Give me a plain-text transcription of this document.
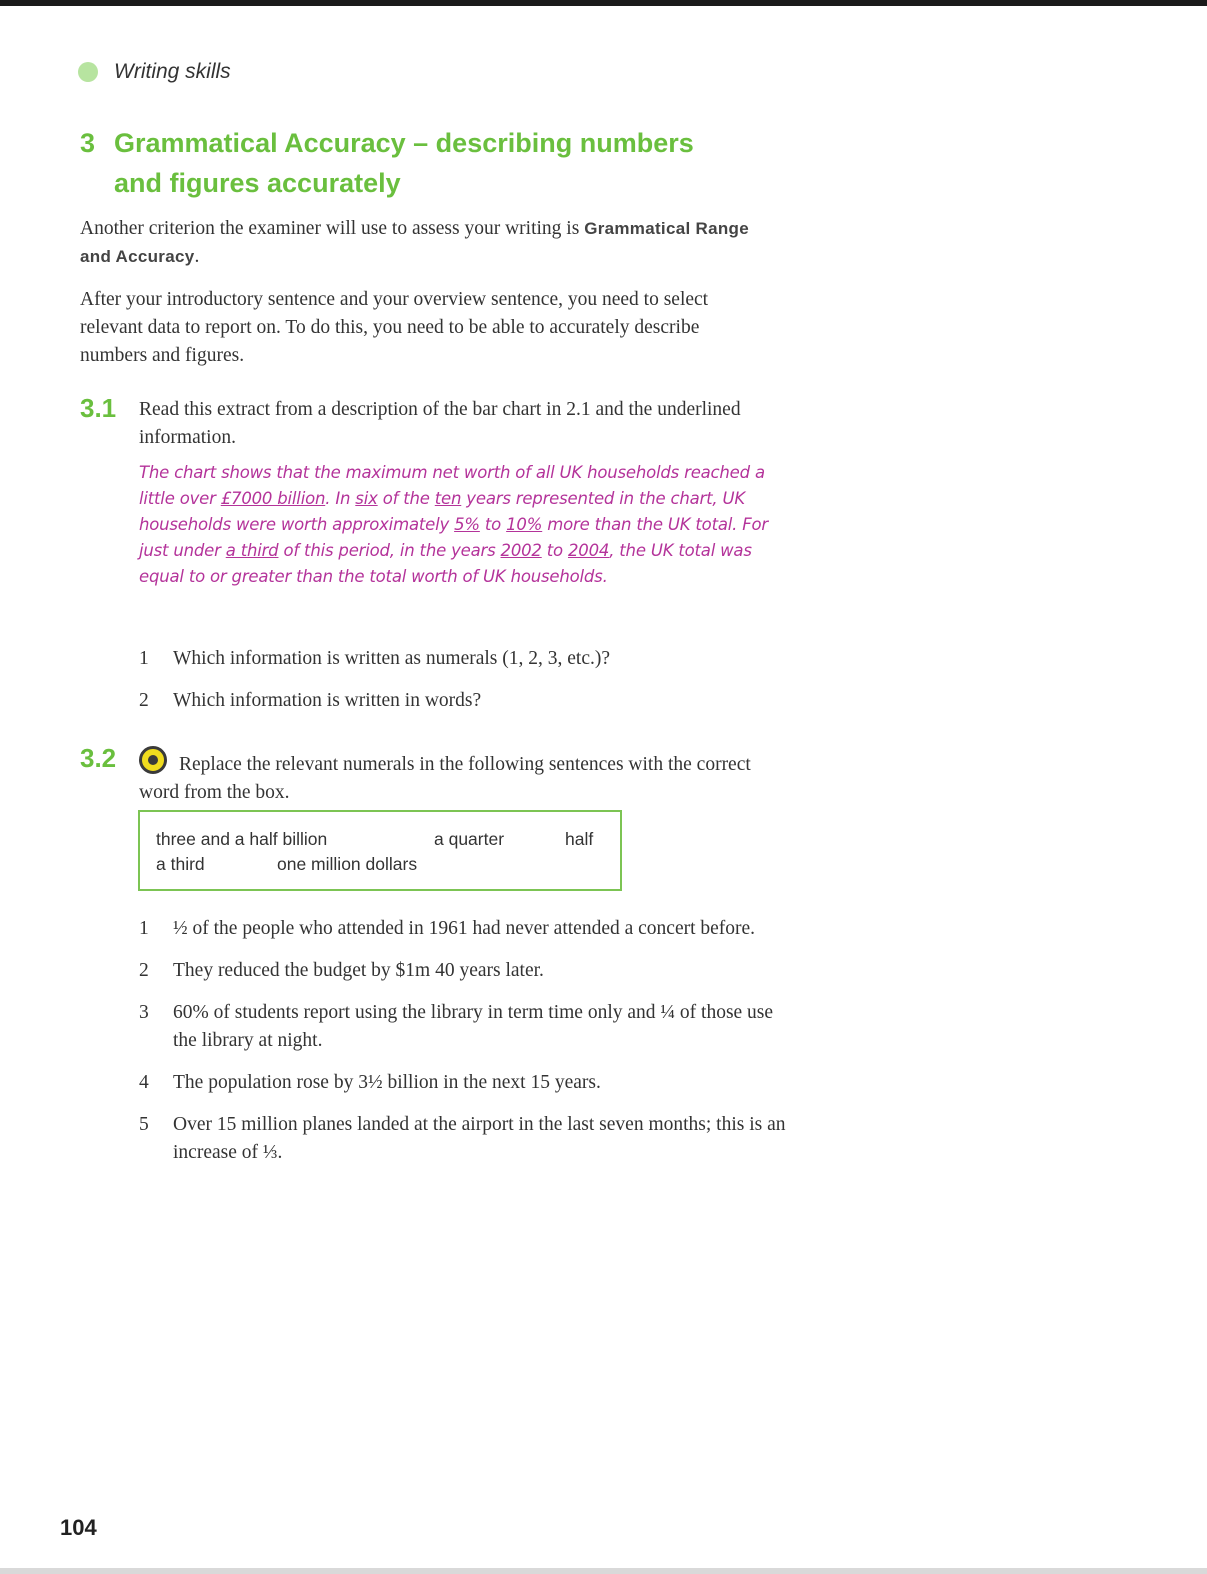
Writing skills
3 Grammatical Accuracy – describing numbers
and figures accurately
Another criterion the examiner will use to assess your writing is Grammatical Range and Accuracy.
After your introductory sentence and your overview sentence, you need to select relevant data to report on. To do this, you need to be able to accurately describe numbers and figures.
3.1 Read this extract from a description of the bar chart in 2.1 and the underlined information.
The chart shows that the maximum net worth of all UK households reached a little over £7000 billion. In six of the ten years represented in the chart, UK households were worth approximately 5% to 10% more than the UK total. For just under a third of this period, in the years 2002 to 2004, the UK total was equal to or greater than the total worth of UK households.
1	Which information is written as numerals (1, 2, 3, etc.)?
2	Which information is written in words?
3.2	Replace the relevant numerals in the following sentences with the correct word from the box.
three and a half billion	a quarter	half
a third	one million dollars
1	½ of the people who attended in 1961 had never attended a concert before.
2	They reduced the budget by $1m 40 years later.
3	60% of students report using the library in term time only and ¼ of those use the library at night.
4	The population rose by 3½ billion in the next 15 years.
5	Over 15 million planes landed at the airport in the last seven months; this is an increase of ⅓.
104
